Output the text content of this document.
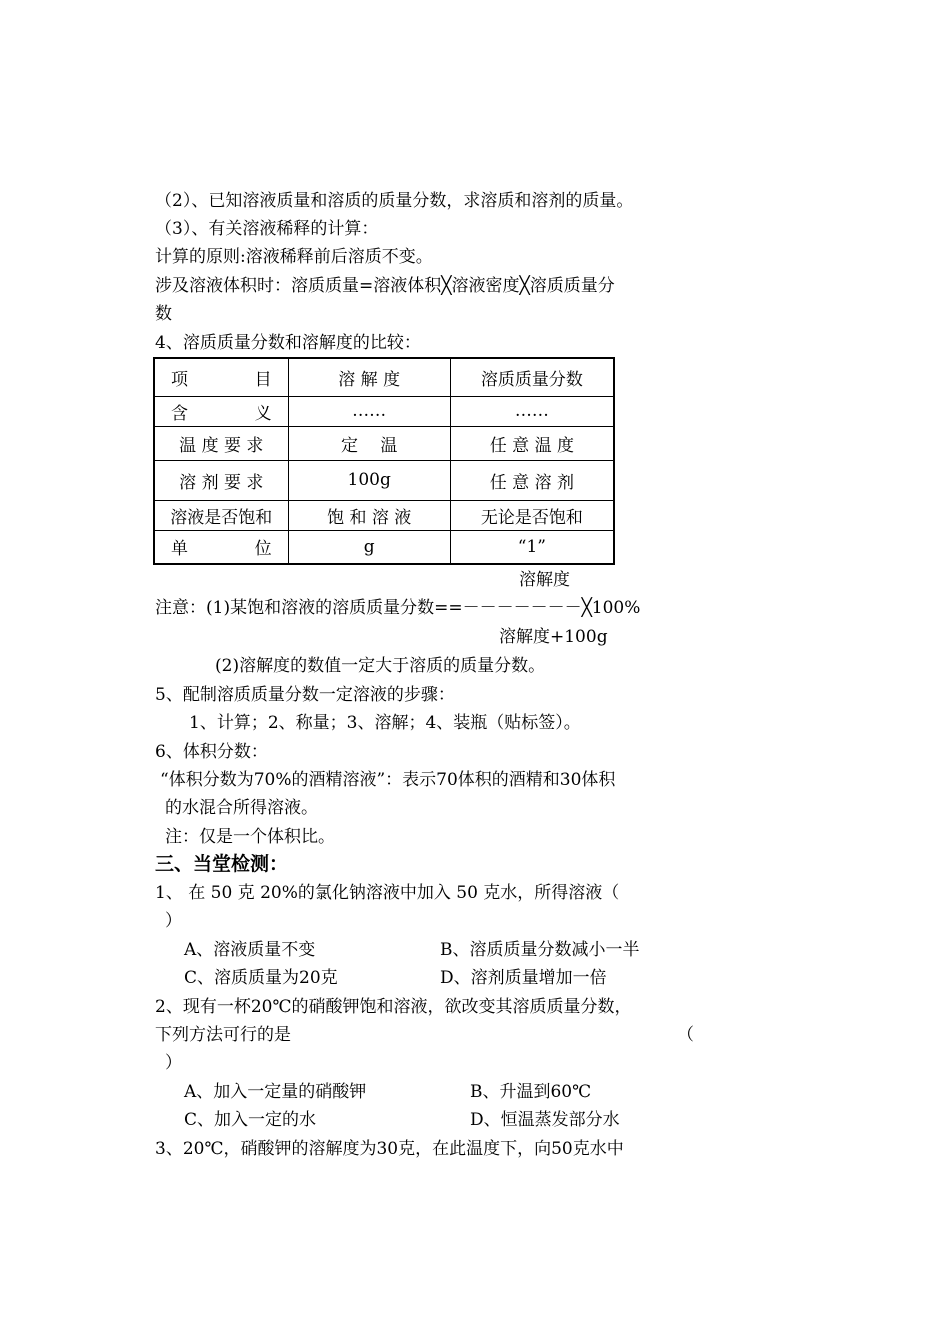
（2）、已知溶液质量和溶质的质量分数，求溶质和溶剂的质量。
（3）、有关溶液稀释的计算：
计算的原则:溶液稀释前后溶质不变。
涉及溶液体积时：溶质质量=溶液体积╳溶液密度╳溶质质量分
数
4、溶质质量分数和溶解度的比较：
项 目	溶 解 度	溶质质量分数

含 义	……	……
温 度 要 求	定　 温	任 意 温 度
溶 剂 要 求	100g	任 意 溶 剂
溶液是否饱和	饱 和 溶 液	无论是否饱和

单 位	g	“1”
溶解度
注意：(1)某饱和溶液的溶质质量分数==－－－－－－－╳100%
溶解度+100g
(2)溶解度的数值一定大于溶质的质量分数。
5、配制溶质质量分数一定溶液的步骤：
1、计算；2、称量；3、溶解；4、装瓶（贴标签）。
6、体积分数：
“体积分数为70%的酒精溶液”：表示70体积的酒精和30体积
的水混合所得溶液。
注：仅是一个体积比。
三、当堂检测：
1、 在 50 克 20%的氯化钠溶液中加入 50 克水，所得溶液（
）
A、溶液质量不变	B、溶质质量分数减小一半
C、溶质质量为20克	D、溶剂质量增加一倍
2、现有一杯20℃的硝酸钾饱和溶液，欲改变其溶质质量分数，
下列方法可行的是	（
）
A、加入一定量的硝酸钾	B、升温到60℃
C、加入一定的水	D、恒温蒸发部分水
3、20℃，硝酸钾的溶解度为30克，在此温度下，向50克水中
